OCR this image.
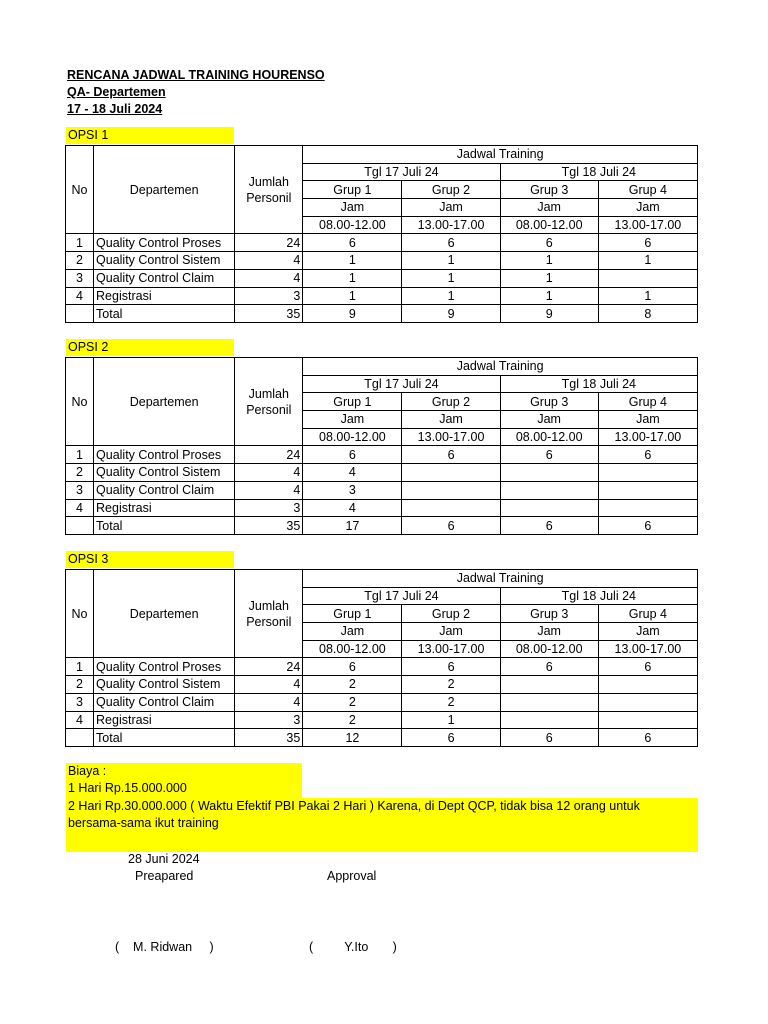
RENCANA JADWAL TRAINING HOURENSO
QA- Departemen
17 - 18 Juli 2024
OPSI 1
No	Departemen	Jumlah
Personil	Jadwal Training			
			Tgl 17 Juli 24		Tgl 18 Juli 24	
			Grup 1	Grup 2	Grup 3	Grup 4
			Jam	Jam	Jam	Jam
			08.00-12.00	13.00-17.00	08.00-12.00	13.00-17.00
1	Quality Control Proses	24	6	6	6	6
2	Quality Control Sistem	4	1	1	1	1
3	Quality Control Claim	4	1	1	1	
4	Registrasi	3	1	1	1	1
	Total	35	9	9	9	8
OPSI 2
No	Departemen	Jumlah
Personil	Jadwal Training			
			Tgl 17 Juli 24		Tgl 18 Juli 24	
			Grup 1	Grup 2	Grup 3	Grup 4
			Jam	Jam	Jam	Jam
			08.00-12.00	13.00-17.00	08.00-12.00	13.00-17.00
1	Quality Control Proses	24	6	6	6	6
2	Quality Control Sistem	4	4			
3	Quality Control Claim	4	3			
4	Registrasi	3	4			
	Total	35	17	6	6	6
OPSI 3
No	Departemen	Jumlah
Personil	Jadwal Training			
			Tgl 17 Juli 24		Tgl 18 Juli 24	
			Grup 1	Grup 2	Grup 3	Grup 4
			Jam	Jam	Jam	Jam
			08.00-12.00	13.00-17.00	08.00-12.00	13.00-17.00
1	Quality Control Proses	24	6	6	6	6
2	Quality Control Sistem	4	2	2		
3	Quality Control Claim	4	2	2		
4	Registrasi	3	2	1		
	Total	35	12	6	6	6
Biaya :
1 Hari Rp.15.000.000
2 Hari Rp.30.000.000 ( Waktu Efektif PBI Pakai 2 Hari ) Karena, di Dept QCP, tidak bisa 12 orang untuk
bersama-sama ikut training
28 Juni 2024
Preapared	Approval
(    M. Ridwan     )	(         Y.Ito       )
